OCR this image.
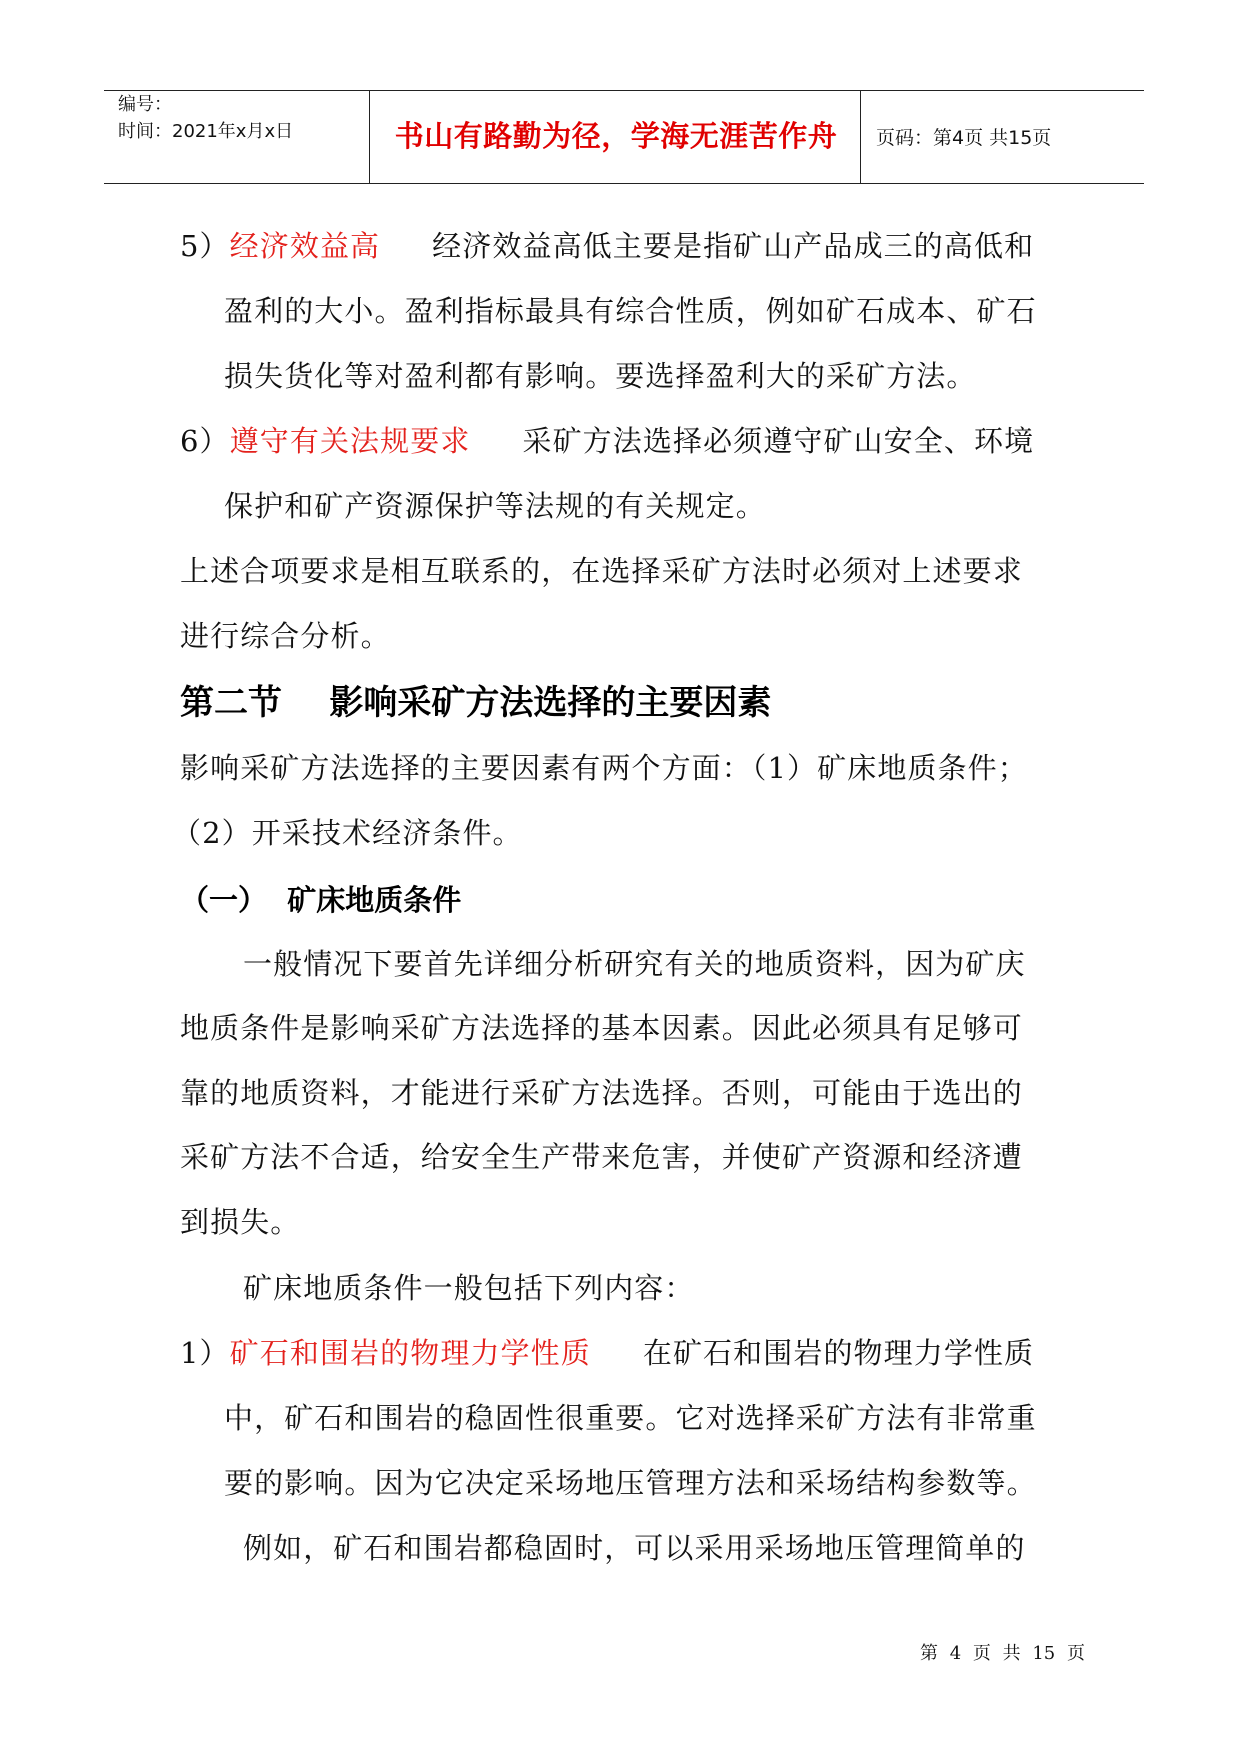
编号：
时间：2021年x月x日	书山有路勤为径，学海无涯苦作舟	页码：第4页 共15页
5）经济效益高 经济效益高低主要是指矿山产品成三的高低和
盈利的大小。盈利指标最具有综合性质，例如矿石成本、矿石
损失货化等对盈利都有影响。要选择盈利大的采矿方法。
6）遵守有关法规要求 采矿方法选择必须遵守矿山安全、环境
保护和矿产资源保护等法规的有关规定。
上述合项要求是相互联系的，在选择采矿方法时必须对上述要求
进行综合分析。
第二节    影响采矿方法选择的主要因素
影响采矿方法选择的主要因素有两个方面：（1）矿床地质条件；
（2）开采技术经济条件。
（一）  矿床地质条件
一般情况下要首先详细分析研究有关的地质资料，因为矿庆
地质条件是影响采矿方法选择的基本因素。因此必须具有足够可
靠的地质资料，才能进行采矿方法选择。否则，可能由于选出的
采矿方法不合适，给安全生产带来危害，并使矿产资源和经济遭
到损失。
矿床地质条件一般包括下列内容：
1）矿石和围岩的物理力学性质 在矿石和围岩的物理力学性质
中，矿石和围岩的稳固性很重要。它对选择采矿方法有非常重
要的影响。因为它决定采场地压管理方法和采场结构参数等。
例如，矿石和围岩都稳固时，可以采用采场地压管理简单的
第 4 页 共 15 页
